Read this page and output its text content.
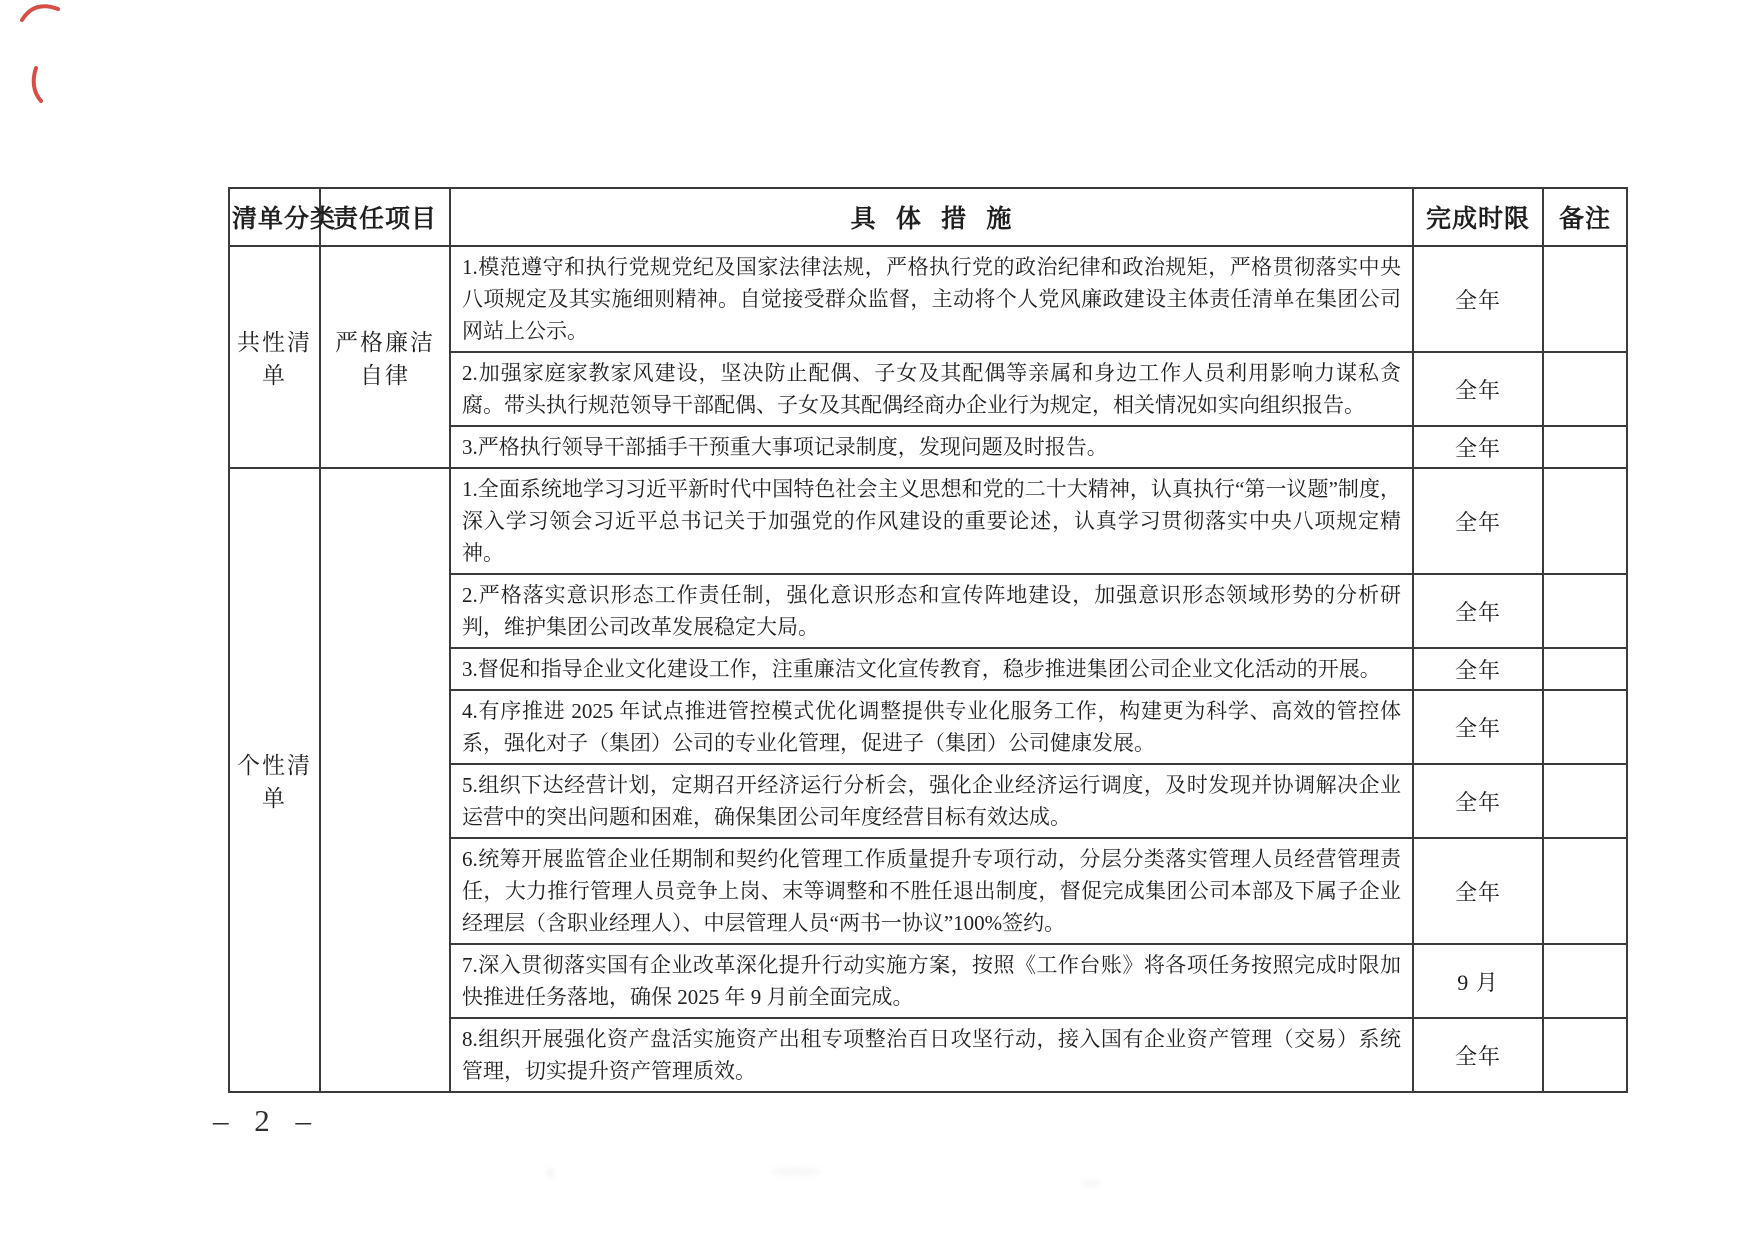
清单分类	责任项目	具 体 措 施	完成时限	备注
共性清单	严格廉洁自律	1.模范遵守和执行党规党纪及国家法律法规，严格执行党的政治纪律和政治规矩，严格贯彻落实中央八项规定及其实施细则精神。自觉接受群众监督，主动将个人党风廉政建设主体责任清单在集团公司网站上公示。	全年	
		2.加强家庭家教家风建设，坚决防止配偶、子女及其配偶等亲属和身边工作人员利用影响力谋私贪腐。带头执行规范领导干部配偶、子女及其配偶经商办企业行为规定，相关情况如实向组织报告。	全年	
		3.严格执行领导干部插手干预重大事项记录制度，发现问题及时报告。	全年	
个性清单		1.全面系统地学习习近平新时代中国特色社会主义思想和党的二十大精神，认真执行“第一议题”制度，深入学习领会习近平总书记关于加强党的作风建设的重要论述，认真学习贯彻落实中央八项规定精神。	全年	
		2.严格落实意识形态工作责任制，强化意识形态和宣传阵地建设，加强意识形态领域形势的分析研判，维护集团公司改革发展稳定大局。	全年	
		3.督促和指导企业文化建设工作，注重廉洁文化宣传教育，稳步推进集团公司企业文化活动的开展。	全年	
		4.有序推进 2025 年试点推进管控模式优化调整提供专业化服务工作，构建更为科学、高效的管控体系，强化对子（集团）公司的专业化管理，促进子（集团）公司健康发展。	全年	
		5.组织下达经营计划，定期召开经济运行分析会，强化企业经济运行调度，及时发现并协调解决企业运营中的突出问题和困难，确保集团公司年度经营目标有效达成。	全年	
		6.统筹开展监管企业任期制和契约化管理工作质量提升专项行动，分层分类落实管理人员经营管理责任，大力推行管理人员竞争上岗、末等调整和不胜任退出制度，督促完成集团公司本部及下属子企业经理层（含职业经理人）、中层管理人员“两书一协议”100%签约。	全年	
		7.深入贯彻落实国有企业改革深化提升行动实施方案，按照《工作台账》将各项任务按照完成时限加快推进任务落地，确保 2025 年 9 月前全面完成。	9 月	
		8.组织开展强化资产盘活实施资产出租专项整治百日攻坚行动，接入国有企业资产管理（交易）系统管理，切实提升资产管理质效。	全年	
– 2 –
